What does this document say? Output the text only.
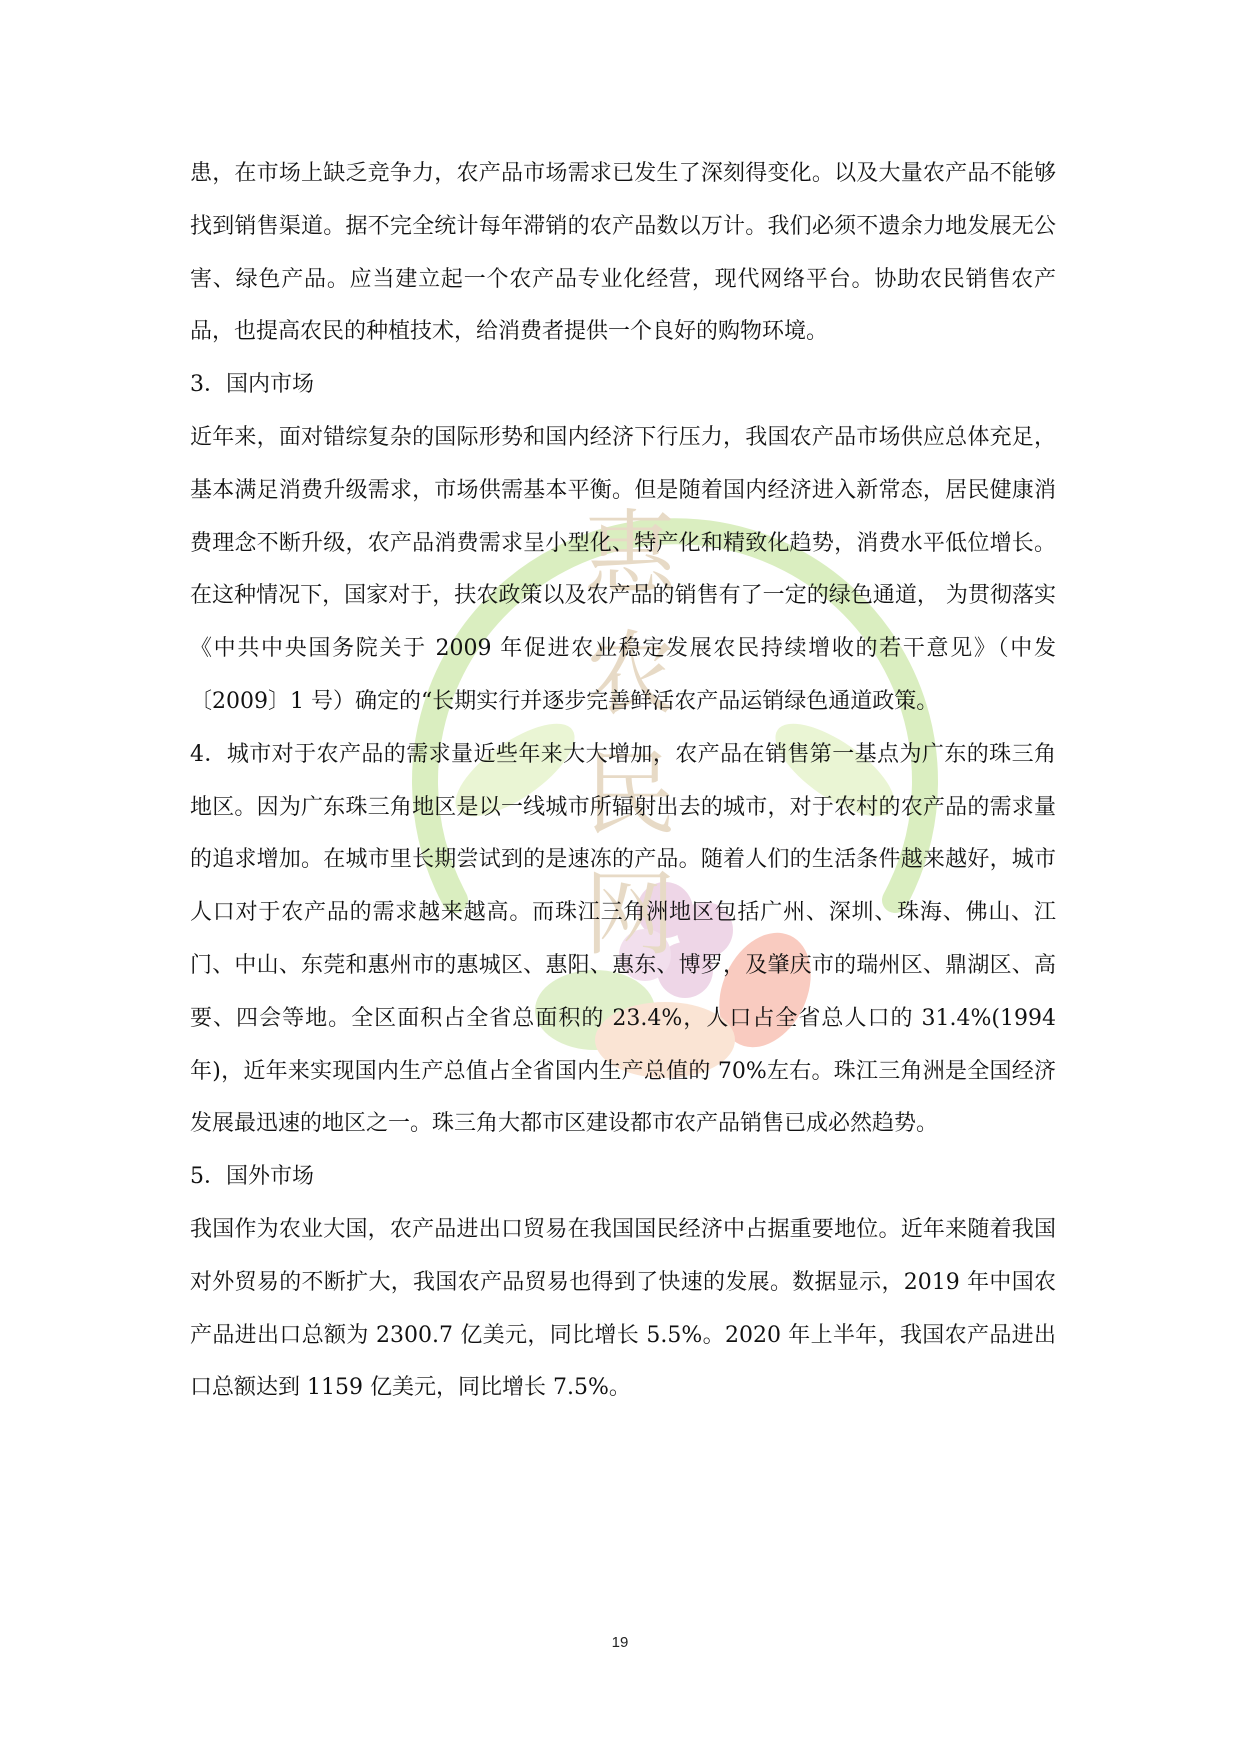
惠
农
民
网

患，在市场上缺乏竞争力，农产品市场需求已发生了深刻得变化。以及大量农产品不能够找到销售渠道。据不完全统计每年滞销的农产品数以万计。我们必须不遗余力地发展无公害、绿色产品。应当建立起一个农产品专业化经营，现代网络平台。协助农民销售农产品，也提高农民的种植技术，给消费者提供一个良好的购物环境。

3．国内市场

近年来，面对错综复杂的国际形势和国内经济下行压力，我国农产品市场供应总体充足，基本满足消费升级需求，市场供需基本平衡。但是随着国内经济进入新常态，居民健康消费理念不断升级，农产品消费需求呈小型化、特产化和精致化趋势，消费水平低位增长。在这种情况下，国家对于，扶农政策以及农产品的销售有了一定的绿色通道， 为贯彻落实《中共中央国务院关于 2009 年促进农业稳定发展农民持续增收的若干意见》（中发〔2009〕1 号）确定的“长期实行并逐步完善鲜活农产品运销绿色通道政策。

4．城市对于农产品的需求量近些年来大大增加，农产品在销售第一基点为广东的珠三角地区。因为广东珠三角地区是以一线城市所辐射出去的城市，对于农村的农产品的需求量的追求增加。在城市里长期尝试到的是速冻的产品。随着人们的生活条件越来越好，城市人口对于农产品的需求越来越高。而珠江三角洲地区包括广州、深圳、珠海、佛山、江门、中山、东莞和惠州市的惠城区、惠阳、惠东、博罗，及肇庆市的瑞州区、鼎湖区、高要、四会等地。全区面积占全省总面积的 23.4%，人口占全省总人口的 31.4%(1994 年)，近年来实现国内生产总值占全省国内生产总值的 70%左右。珠江三角洲是全国经济发展最迅速的地区之一。珠三角大都市区建设都市农产品销售已成必然趋势。

5．国外市场

我国作为农业大国，农产品进出口贸易在我国国民经济中占据重要地位。近年来随着我国对外贸易的不断扩大，我国农产品贸易也得到了快速的发展。数据显示，2019 年中国农产品进出口总额为 2300.7 亿美元，同比增长 5.5%。2020 年上半年，我国农产品进出口总额达到 1159 亿美元，同比增长 7.5%。

19
